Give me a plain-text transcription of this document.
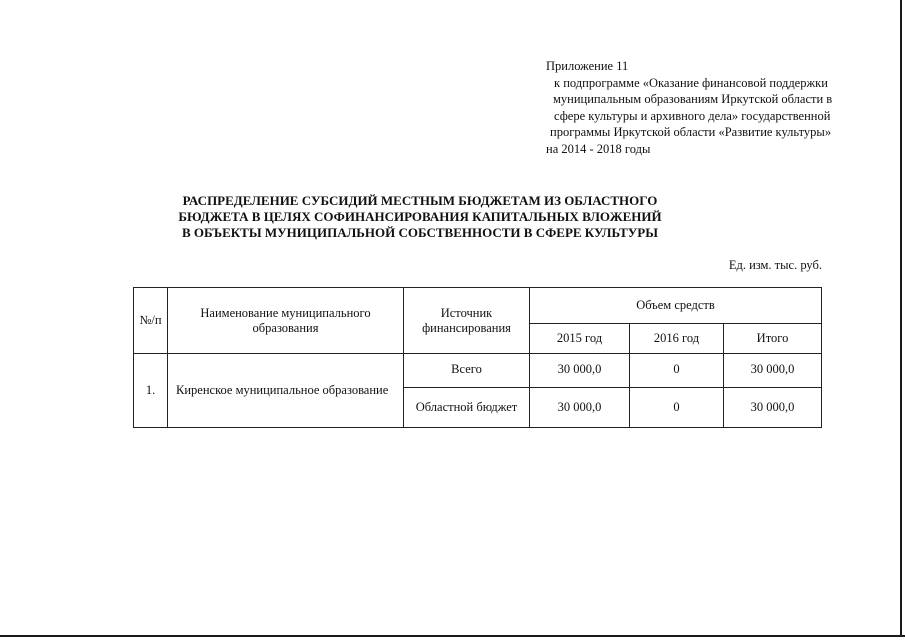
Приложение 11
к подпрограмме «Оказание финансовой поддержки
муниципальным образованиям Иркутской области в
сфере культуры и архивного дела» государственной
программы Иркутской области «Развитие культуры»
на 2014 - 2018 годы
РАСПРЕДЕЛЕНИЕ СУБСИДИЙ МЕСТНЫМ БЮДЖЕТАМ ИЗ ОБЛАСТНОГО
БЮДЖЕТА В ЦЕЛЯХ СОФИНАНСИРОВАНИЯ КАПИТАЛЬНЫХ ВЛОЖЕНИЙ
В ОБЪЕКТЫ МУНИЦИПАЛЬНОЙ СОБСТВЕННОСТИ В СФЕРЕ КУЛЬТУРЫ
Ед. изм. тыс. руб.
№/п	Наименование муниципального образования	Источник финансирования	Объем средств		
			2015 год	2016 год	Итого
1.	Киренское муниципальное образование	Всего	30 000,0	0	30 000,0
		Областной бюджет	30 000,0	0	30 000,0
